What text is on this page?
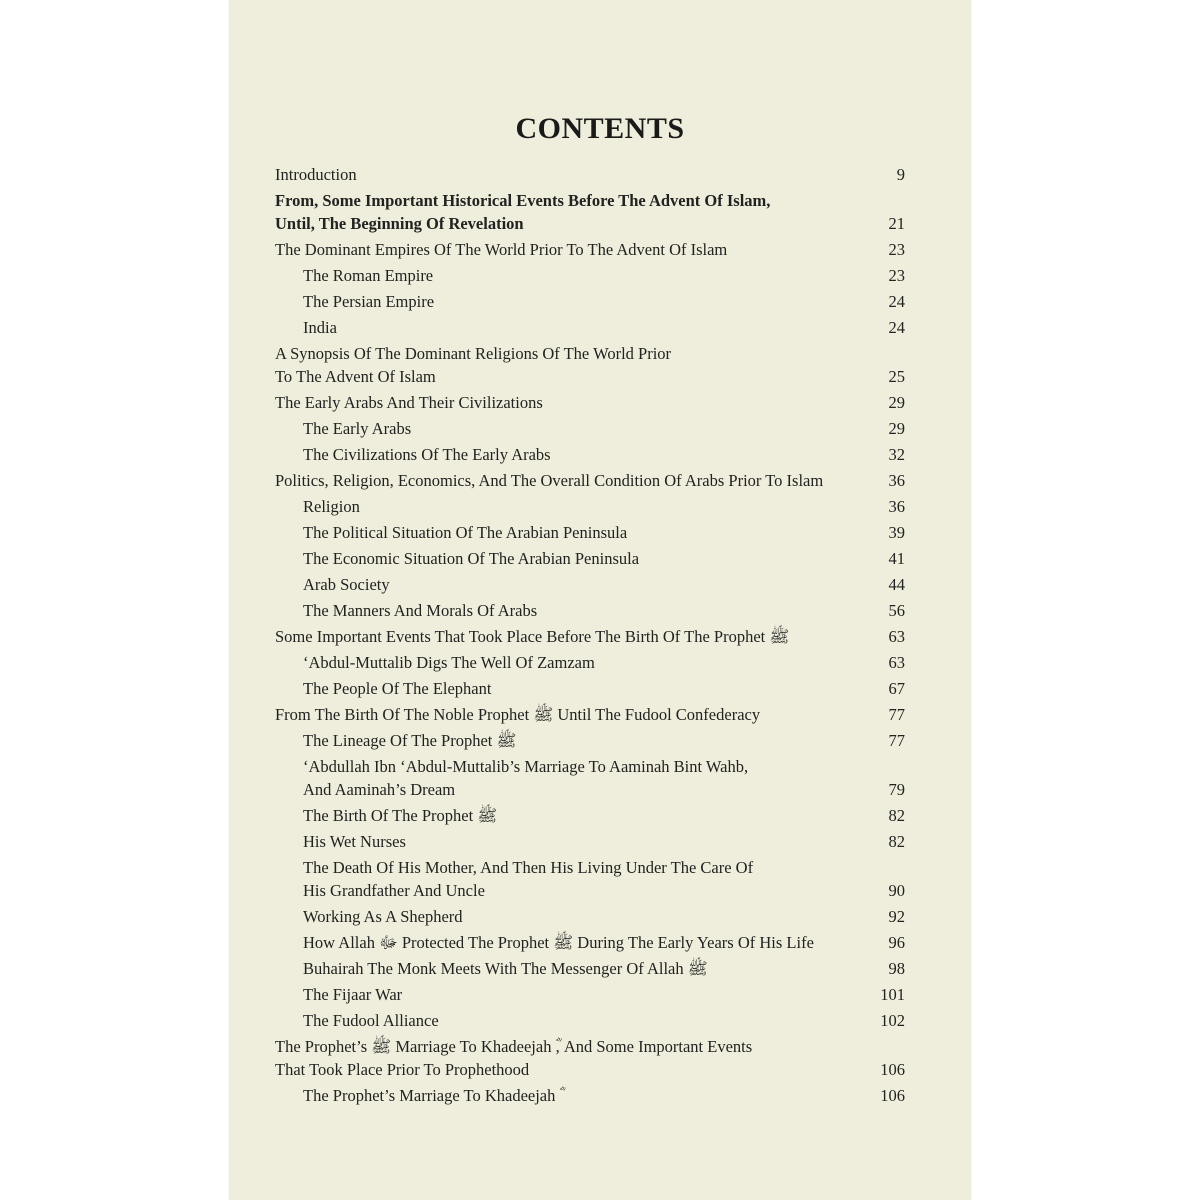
CONTENTS
Introduction	9
From, Some Important Historical Events Before The Advent Of Islam,
Until, The Beginning Of Revelation	21
The Dominant Empires Of The World Prior To The Advent Of Islam	23
The Roman Empire	23
The Persian Empire	24
India	24
A Synopsis Of The Dominant Religions Of The World Prior
To The Advent Of Islam	25
The Early Arabs And Their Civilizations	29
The Early Arabs	29
The Civilizations Of The Early Arabs	32
Politics, Religion, Economics, And The Overall Condition Of Arabs Prior To Islam	36
Religion	36
The Political Situation Of The Arabian Peninsula	39
The Economic Situation Of The Arabian Peninsula	41
Arab Society	44
The Manners And Morals Of Arabs	56
Some Important Events That Took Place Before The Birth Of The Prophet ﷺ	63
‘Abdul-Muttalib Digs The Well Of Zamzam	63
The People Of The Elephant	67
From The Birth Of The Noble Prophet ﷺ Until The Fudool Confederacy	77
The Lineage Of The Prophet ﷺ	77
‘Abdullah Ibn ‘Abdul-Muttalib’s Marriage To Aaminah Bint Wahb,
And Aaminah’s Dream	79
The Birth Of The Prophet ﷺ	82
His Wet Nurses	82
The Death Of His Mother, And Then His Living Under The Care Of
His Grandfather And Uncle	90
Working As A Shepherd	92
How Allah ﷻ Protected The Prophet ﷺ During The Early Years Of His Life	96
Buhairah The Monk Meets With The Messenger Of Allah ﷺ	98
The Fijaar War	101
The Fudool Alliance	102
The Prophet’s ﷺ Marriage To Khadeejah ؓ, And Some Important Events
That Took Place Prior To Prophethood	106
The Prophet’s Marriage To Khadeejah ؓ	106
